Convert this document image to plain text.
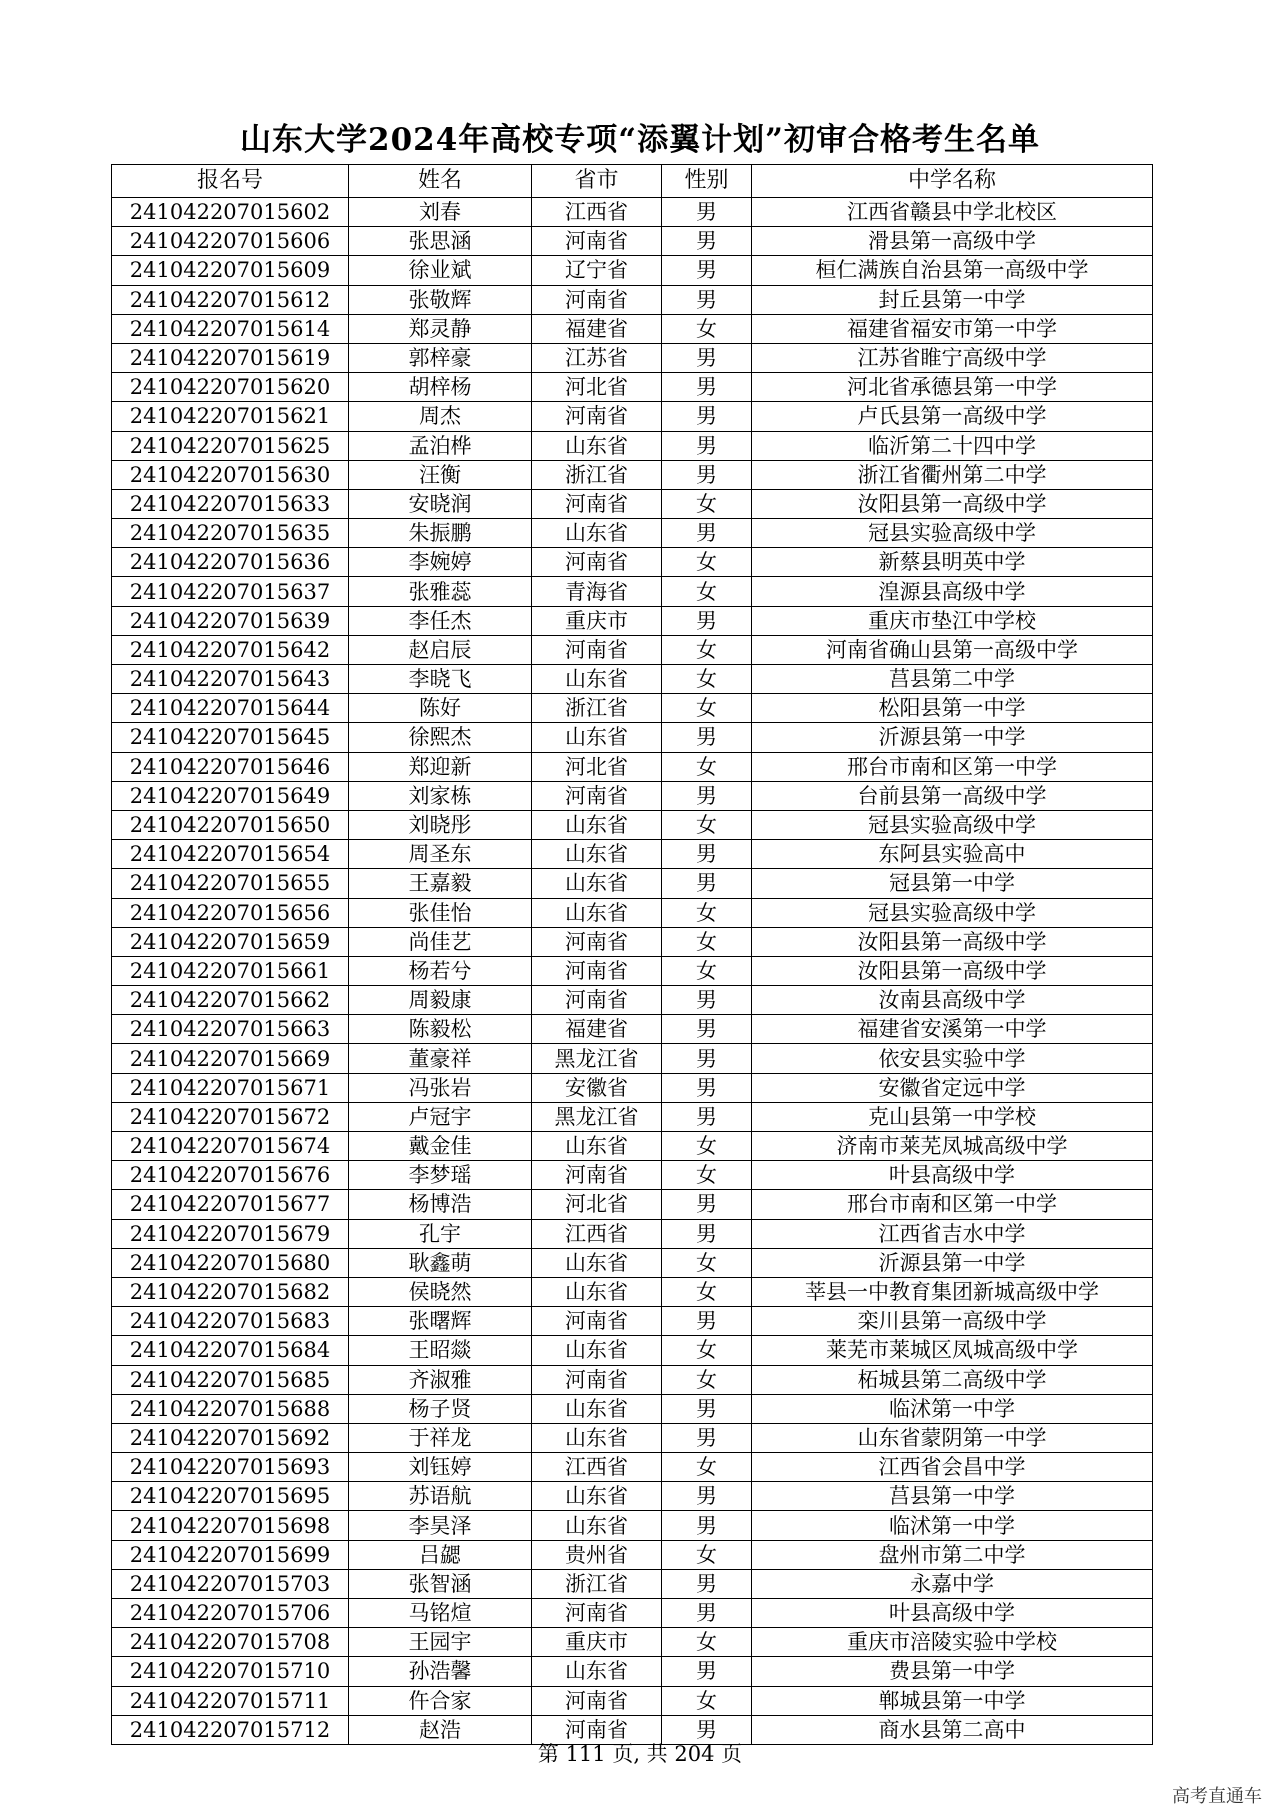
山东大学2024年高校专项“添翼计划”初审合格考生名单
报名号	姓名	省市	性别	中学名称
241042207015602	刘春	江西省	男	江西省赣县中学北校区
241042207015606	张思涵	河南省	男	滑县第一高级中学
241042207015609	徐业斌	辽宁省	男	桓仁满族自治县第一高级中学
241042207015612	张敬辉	河南省	男	封丘县第一中学
241042207015614	郑灵静	福建省	女	福建省福安市第一中学
241042207015619	郭梓豪	江苏省	男	江苏省睢宁高级中学
241042207015620	胡梓杨	河北省	男	河北省承德县第一中学
241042207015621	周杰	河南省	男	卢氏县第一高级中学
241042207015625	孟泊桦	山东省	男	临沂第二十四中学
241042207015630	汪衡	浙江省	男	浙江省衢州第二中学
241042207015633	安晓润	河南省	女	汝阳县第一高级中学
241042207015635	朱振鹏	山东省	男	冠县实验高级中学
241042207015636	李婉婷	河南省	女	新蔡县明英中学
241042207015637	张雅蕊	青海省	女	湟源县高级中学
241042207015639	李任杰	重庆市	男	重庆市垫江中学校
241042207015642	赵启辰	河南省	女	河南省确山县第一高级中学
241042207015643	李晓飞	山东省	女	莒县第二中学
241042207015644	陈好	浙江省	女	松阳县第一中学
241042207015645	徐熙杰	山东省	男	沂源县第一中学
241042207015646	郑迎新	河北省	女	邢台市南和区第一中学
241042207015649	刘家栋	河南省	男	台前县第一高级中学
241042207015650	刘晓彤	山东省	女	冠县实验高级中学
241042207015654	周圣东	山东省	男	东阿县实验高中
241042207015655	王嘉毅	山东省	男	冠县第一中学
241042207015656	张佳怡	山东省	女	冠县实验高级中学
241042207015659	尚佳艺	河南省	女	汝阳县第一高级中学
241042207015661	杨若兮	河南省	女	汝阳县第一高级中学
241042207015662	周毅康	河南省	男	汝南县高级中学
241042207015663	陈毅松	福建省	男	福建省安溪第一中学
241042207015669	董豪祥	黑龙江省	男	依安县实验中学
241042207015671	冯张岩	安徽省	男	安徽省定远中学
241042207015672	卢冠宇	黑龙江省	男	克山县第一中学校
241042207015674	戴金佳	山东省	女	济南市莱芜凤城高级中学
241042207015676	李梦瑶	河南省	女	叶县高级中学
241042207015677	杨博浩	河北省	男	邢台市南和区第一中学
241042207015679	孔宇	江西省	男	江西省吉水中学
241042207015680	耿鑫萌	山东省	女	沂源县第一中学
241042207015682	侯晓然	山东省	女	莘县一中教育集团新城高级中学
241042207015683	张曙辉	河南省	男	栾川县第一高级中学
241042207015684	王昭燚	山东省	女	莱芜市莱城区凤城高级中学
241042207015685	齐淑雅	河南省	女	柘城县第二高级中学
241042207015688	杨子贤	山东省	男	临沭第一中学
241042207015692	于祥龙	山东省	男	山东省蒙阴第一中学
241042207015693	刘钰婷	江西省	女	江西省会昌中学
241042207015695	苏语航	山东省	男	莒县第一中学
241042207015698	李昊泽	山东省	男	临沭第一中学
241042207015699	吕勰	贵州省	女	盘州市第二中学
241042207015703	张智涵	浙江省	男	永嘉中学
241042207015706	马铭煊	河南省	男	叶县高级中学
241042207015708	王园宇	重庆市	女	重庆市涪陵实验中学校
241042207015710	孙浩馨	山东省	男	费县第一中学
241042207015711	仵合家	河南省	女	郸城县第一中学
241042207015712	赵浩	河南省	男	商水县第二高中
第 111 页, 共 204 页
高考直通车
